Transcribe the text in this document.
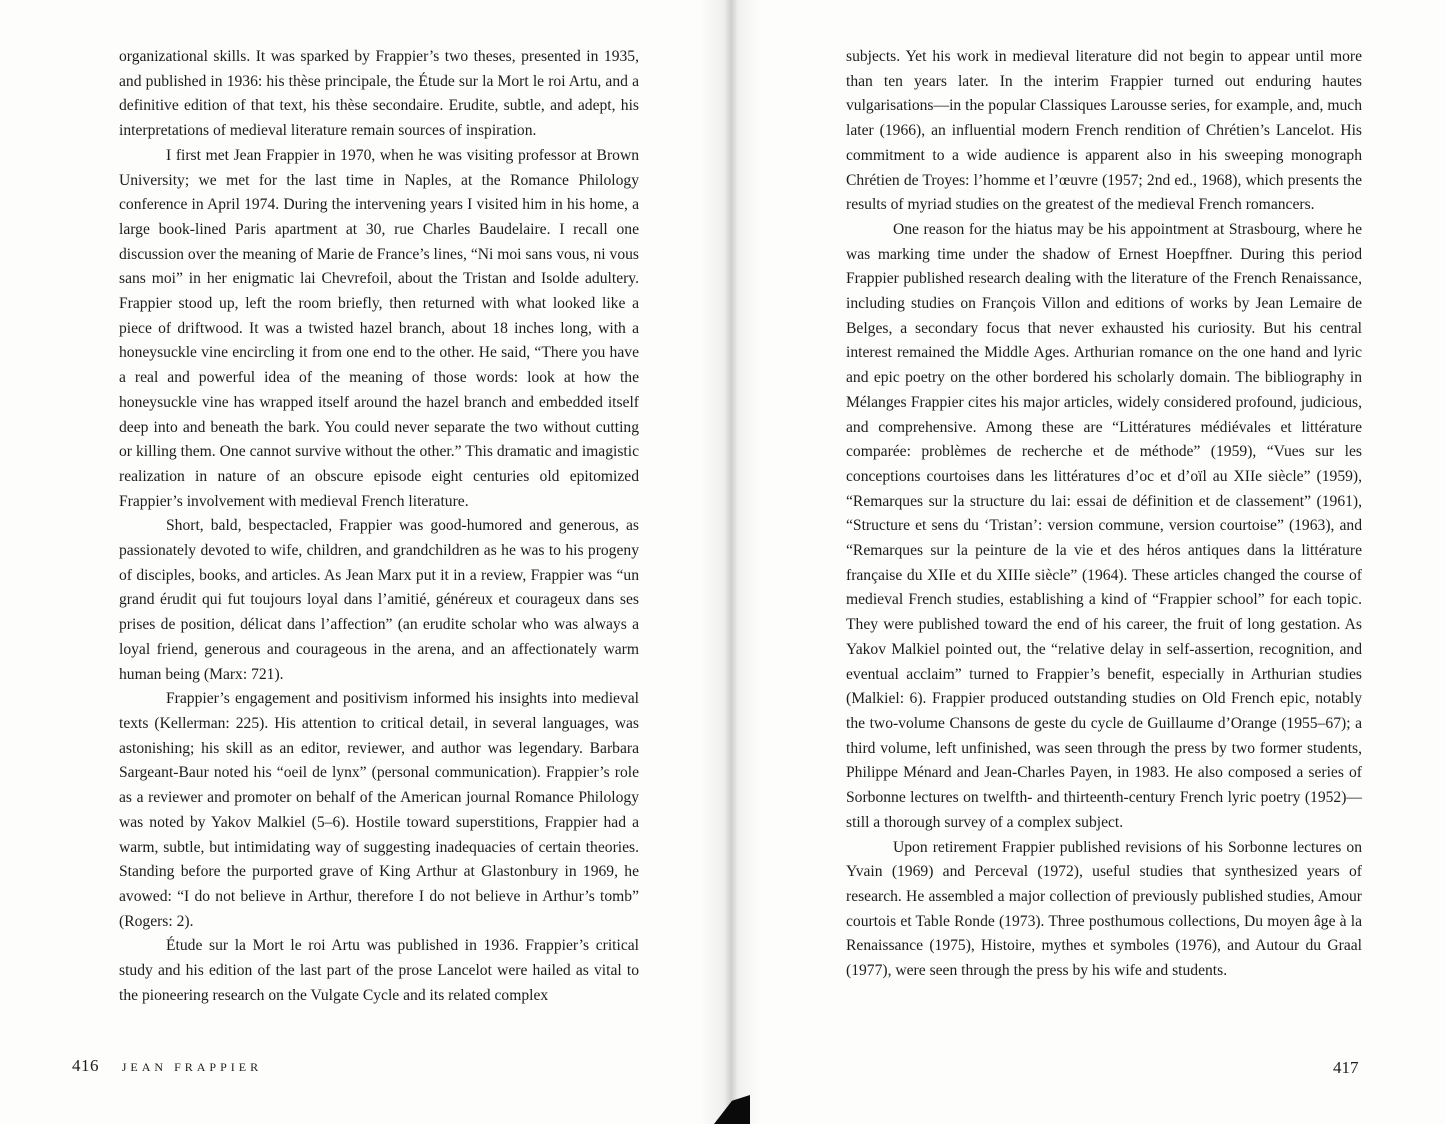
organizational skills. It was sparked by Frappier’s two theses, presented in 1935, and published in 1936: his thèse principale, the Étude sur la Mort le roi Artu, and a definitive edition of that text, his thèse secondaire. Erudite, subtle, and adept, his interpretations of medieval literature remain sources of inspiration.

I first met Jean Frappier in 1970, when he was visiting professor at Brown University; we met for the last time in Naples, at the Romance Philology conference in April 1974. During the intervening years I visited him in his home, a large book-lined Paris apartment at 30, rue Charles Baudelaire. I recall one discussion over the meaning of Marie de France’s lines, “Ni moi sans vous, ni vous sans moi” in her enigmatic lai Chevrefoil, about the Tristan and Isolde adultery. Frappier stood up, left the room briefly, then returned with what looked like a piece of driftwood. It was a twisted hazel branch, about 18 inches long, with a honeysuckle vine encircling it from one end to the other. He said, “There you have a real and powerful idea of the meaning of those words: look at how the honeysuckle vine has wrapped itself around the hazel branch and embedded itself deep into and beneath the bark. You could never separate the two without cutting or killing them. One cannot survive without the other.” This dramatic and imagistic realization in nature of an obscure episode eight centuries old epitomized Frappier’s involvement with medieval French literature.

Short, bald, bespectacled, Frappier was good-humored and generous, as passionately devoted to wife, children, and grandchildren as he was to his progeny of disciples, books, and articles. As Jean Marx put it in a review, Frappier was “un grand érudit qui fut toujours loyal dans l’amitié, généreux et courageux dans ses prises de position, délicat dans l’affection” (an erudite scholar who was always a loyal friend, generous and courageous in the arena, and an affectionately warm human being (Marx: 721).

Frappier’s engagement and positivism informed his insights into medieval texts (Kellerman: 225). His attention to critical detail, in several languages, was astonishing; his skill as an editor, reviewer, and author was legendary. Barbara Sargeant-Baur noted his “oeil de lynx” (personal communication). Frappier’s role as a reviewer and promoter on behalf of the American journal Romance Philology was noted by Yakov Malkiel (5–6). Hostile toward superstitions, Frappier had a warm, subtle, but intimidating way of suggesting inadequacies of certain theories. Standing before the purported grave of King Arthur at Glastonbury in 1969, he avowed: “I do not believe in Arthur, therefore I do not believe in Arthur’s tomb” (Rogers: 2).

Étude sur la Mort le roi Artu was published in 1936. Frappier’s critical study and his edition of the last part of the prose Lancelot were hailed as vital to the pioneering research on the Vulgate Cycle and its related complex

416 JEAN FRAPPIER

subjects. Yet his work in medieval literature did not begin to appear until more than ten years later. In the interim Frappier turned out enduring hautes vulgarisations—in the popular Classiques Larousse series, for example, and, much later (1966), an influential modern French rendition of Chrétien’s Lancelot. His commitment to a wide audience is apparent also in his sweeping monograph Chrétien de Troyes: l’homme et l’œuvre (1957; 2nd ed., 1968), which presents the results of myriad studies on the greatest of the medieval French romancers.

One reason for the hiatus may be his appointment at Strasbourg, where he was marking time under the shadow of Ernest Hoepffner. During this period Frappier published research dealing with the literature of the French Renaissance, including studies on François Villon and editions of works by Jean Lemaire de Belges, a secondary focus that never exhausted his curiosity. But his central interest remained the Middle Ages. Arthurian romance on the one hand and lyric and epic poetry on the other bordered his scholarly domain. The bibliography in Mélanges Frappier cites his major articles, widely considered profound, judicious, and comprehensive. Among these are “Littératures médiévales et littérature comparée: problèmes de recherche et de méthode” (1959), “Vues sur les conceptions courtoises dans les littératures d’oc et d’oïl au XIIe siècle” (1959), “Remarques sur la structure du lai: essai de définition et de classement” (1961), “Structure et sens du ‘Tristan’: version commune, version courtoise” (1963), and “Remarques sur la peinture de la vie et des héros antiques dans la littérature française du XIIe et du XIIIe siècle” (1964). These articles changed the course of medieval French studies, establishing a kind of “Frappier school” for each topic. They were published toward the end of his career, the fruit of long gestation. As Yakov Malkiel pointed out, the “relative delay in self-assertion, recognition, and eventual acclaim” turned to Frappier’s benefit, especially in Arthurian studies (Malkiel: 6). Frappier produced outstanding studies on Old French epic, notably the two-volume Chansons de geste du cycle de Guillaume d’Orange (1955–67); a third volume, left unfinished, was seen through the press by two former students, Philippe Ménard and Jean-Charles Payen, in 1983. He also composed a series of Sorbonne lectures on twelfth- and thirteenth-century French lyric poetry (1952)—still a thorough survey of a complex subject.

Upon retirement Frappier published revisions of his Sorbonne lectures on Yvain (1969) and Perceval (1972), useful studies that synthesized years of research. He assembled a major collection of previously published studies, Amour courtois et Table Ronde (1973). Three posthumous collections, Du moyen âge à la Renaissance (1975), Histoire, mythes et symboles (1976), and Autour du Graal (1977), were seen through the press by his wife and students.

417
